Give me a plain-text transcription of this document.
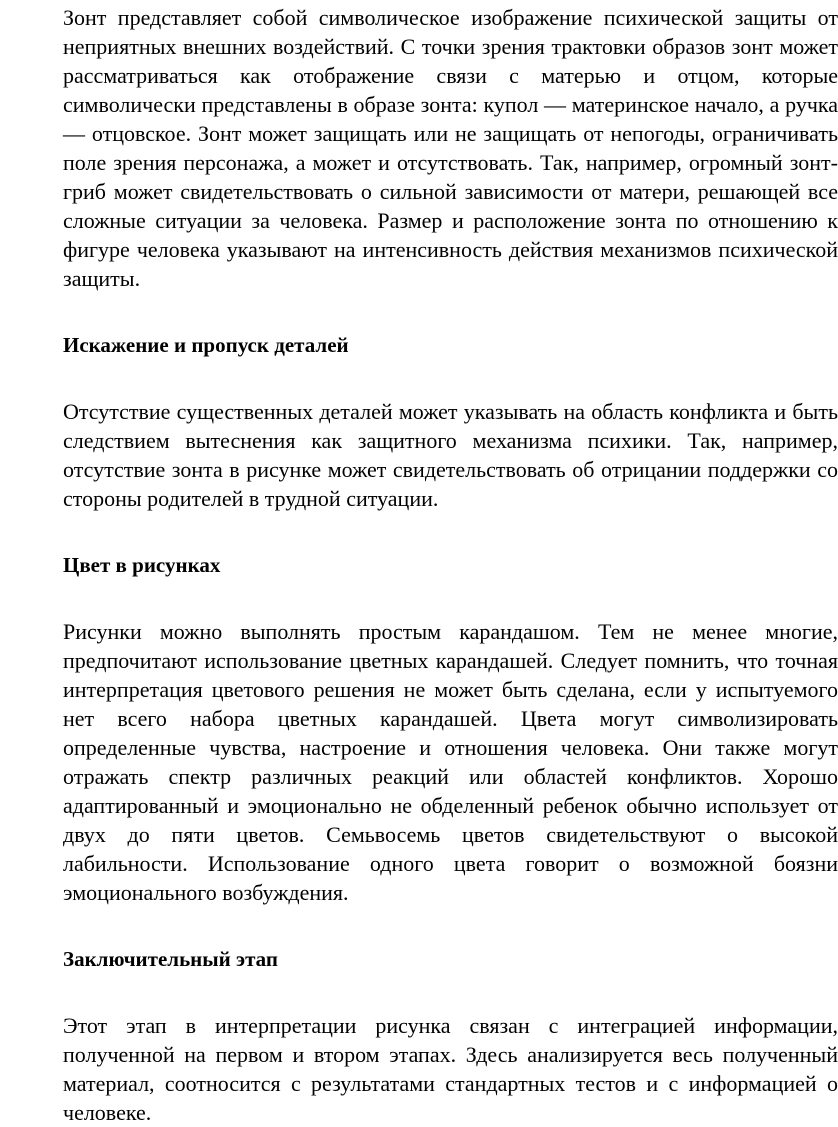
Зонт представляет собой символическое изображение психической защиты от неприятных внешних воздействий. С точки зрения трактовки образов зонт может рассматриваться как отображение связи с матерью и отцом, которые символически представлены в образе зонта: купол — материнское начало, а ручка — отцовское. Зонт может защищать или не защищать от непогоды, ограничивать поле зрения персонажа, а может и отсутствовать. Так, например, огромный зонт-гриб может свидетельствовать о сильной зависимости от матери, решающей все сложные ситуации за человека. Размер и расположение зонта по отношению к фигуре человека указывают на интенсивность действия механизмов психической защиты.

Искажение и пропуск деталей

Отсутствие существенных деталей может указывать на область конфликта и быть следствием вытеснения как защитного механизма психики. Так, например, отсутствие зонта в рисунке может свидетельствовать об отрицании поддержки со стороны родителей в трудной ситуации.

Цвет в рисунках

Рисунки можно выполнять простым карандашом. Тем не менее многие, предпочитают использование цветных карандашей. Следует помнить, что точная интерпретация цветового решения не может быть сделана, если у испытуемого нет всего набора цветных карандашей. Цвета могут символизировать определенные чувства, настроение и отношения человека. Они также могут отражать спектр различных реакций или областей конфликтов. Хорошо адаптированный и эмоционально не обделенный ребенок обычно использует от двух до пяти цветов. Семьвосемь цветов свидетельствуют о высокой лабильности. Использование одного цвета говорит о возможной боязни эмоционального возбуждения.

Заключительный этап

Этот этап в интерпретации рисунка связан с интеграцией информации, полученной на первом и втором этапах. Здесь анализируется весь полученный материал, соотносится с результатами стандартных тестов и с информацией о человеке.
